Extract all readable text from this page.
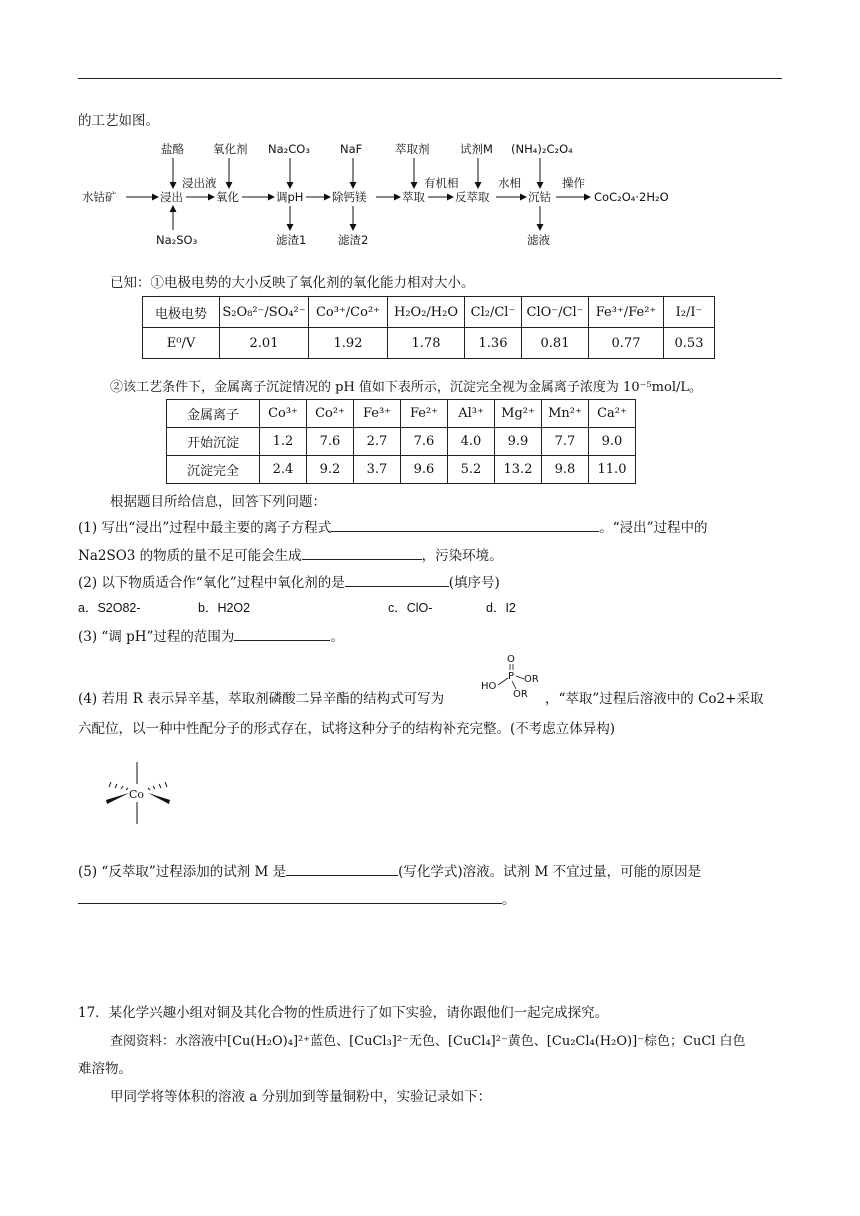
的工艺如图。
盐酪	氧化剂 Na₂CO₃	NaF	萃取剂	试剂M (NH₄)₂C₂O₄
水钴矿	浸出	氧化	调pH 除钙镁	萃取	反萃取	沉钴	CoC₂O₄·2H₂O
浸出液	有机相	水相	操作
Na₂SO₃	滤渣1	滤渣2	滤液
已知：①电极电势的大小反映了氧化剂的氧化能力相对大小。
电极电势	S₂O₈²⁻/SO₄²⁻	Co³⁺/Co²⁺	H₂O₂/H₂O	Cl₂/Cl⁻	ClO⁻/Cl⁻	Fe³⁺/Fe²⁺	I₂/I⁻
E⁰/V	2.01	1.92	1.78	1.36	0.81	0.77	0.53
②该工艺条件下，金属离子沉淀情况的 pH 值如下表所示，沉淀完全视为金属离子浓度为 10⁻⁵mol/L。
金属离子	Co³⁺	Co²⁺	Fe³⁺	Fe²⁺	Al³⁺	Mg²⁺	Mn²⁺	Ca²⁺
开始沉淀	1.2	7.6	2.7	7.6	4.0	9.9	7.7	9.0
沉淀完全	2.4	9.2	3.7	9.6	5.2	13.2	9.8	11.0
根据题目所给信息，回答下列问题：
(1) 写出“浸出”过程中最主要的离子方程式	。“浸出”过程中的
Na2SO3 的物质的量不足可能会生成	，污染环境。
(2) 以下物质适合作“氧化”过程中氧化剂的是	(填序号)
a．S2O82-	b．H2O2	c．ClO-	d．I2
(3) “调 pH”过程的范围为	。
(4) 若用 R 表示异辛基，萃取剂磷酸二异辛酯的结构式可写为
O
P
HO
OR
OR ，“萃取”过程后溶液中的 Co2+采取
六配位，以一种中性配分子的形式存在，试将这种分子的结构补充完整。(不考虑立体异构)
Co
(5) “反萃取”过程添加的试剂 M 是	(写化学式)溶液。试剂 M 不宜过量，可能的原因是
。
17．某化学兴趣小组对铜及其化合物的性质进行了如下实验，请你跟他们一起完成探究。
查阅资料：水溶液中[Cu(H₂O)₄]²⁺蓝色、[CuCl₃]²⁻无色、[CuCl₄]²⁻黄色、[Cu₂Cl₄(H₂O)]⁻棕色；CuCl 白色
难溶物。
甲同学将等体积的溶液 a 分别加到等量铜粉中，实验记录如下：
